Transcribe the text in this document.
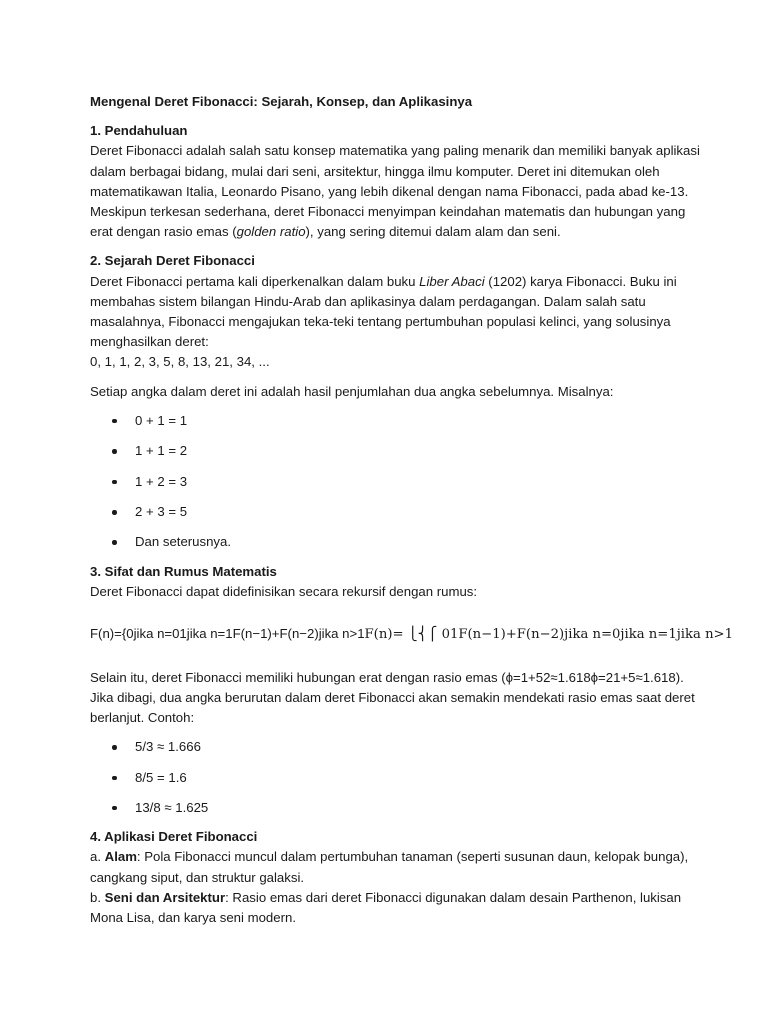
Mengenal Deret Fibonacci: Sejarah, Konsep, dan Aplikasinya

1. Pendahuluan

Deret Fibonacci adalah salah satu konsep matematika yang paling menarik dan memiliki banyak aplikasi

dalam berbagai bidang, mulai dari seni, arsitektur, hingga ilmu komputer. Deret ini ditemukan oleh

matematikawan Italia, Leonardo Pisano, yang lebih dikenal dengan nama Fibonacci, pada abad ke-13.

Meskipun terkesan sederhana, deret Fibonacci menyimpan keindahan matematis dan hubungan yang

erat dengan rasio emas (golden ratio), yang sering ditemui dalam alam dan seni.

2. Sejarah Deret Fibonacci

Deret Fibonacci pertama kali diperkenalkan dalam buku Liber Abaci (1202) karya Fibonacci. Buku ini

membahas sistem bilangan Hindu-Arab dan aplikasinya dalam perdagangan. Dalam salah satu

masalahnya, Fibonacci mengajukan teka-teki tentang pertumbuhan populasi kelinci, yang solusinya

menghasilkan deret:

0, 1, 1, 2, 3, 5, 8, 13, 21, 34, ...

Setiap angka dalam deret ini adalah hasil penjumlahan dua angka sebelumnya. Misalnya:

0 + 1 = 1
1 + 1 = 2
1 + 2 = 3
2 + 3 = 5
Dan seterusnya.

3. Sifat dan Rumus Matematis

Deret Fibonacci dapat didefinisikan secara rekursif dengan rumus:

F(n)={0jika n=01jika n=1F(n−1)+F(n−2)jika n>1F(n)= ⎩⎨⎧ 01F(n−1)+F(n−2)jika n=0jika n=1jika n>1

Selain itu, deret Fibonacci memiliki hubungan erat dengan rasio emas (ϕ=1+52≈1.618ϕ=21+5≈1.618).

Jika dibagi, dua angka berurutan dalam deret Fibonacci akan semakin mendekati rasio emas saat deret

berlanjut. Contoh:

5/3 ≈ 1.666
8/5 = 1.6
13/8 ≈ 1.625

4. Aplikasi Deret Fibonacci

a. Alam: Pola Fibonacci muncul dalam pertumbuhan tanaman (seperti susunan daun, kelopak bunga),

cangkang siput, dan struktur galaksi.

b. Seni dan Arsitektur: Rasio emas dari deret Fibonacci digunakan dalam desain Parthenon, lukisan

Mona Lisa, dan karya seni modern.
